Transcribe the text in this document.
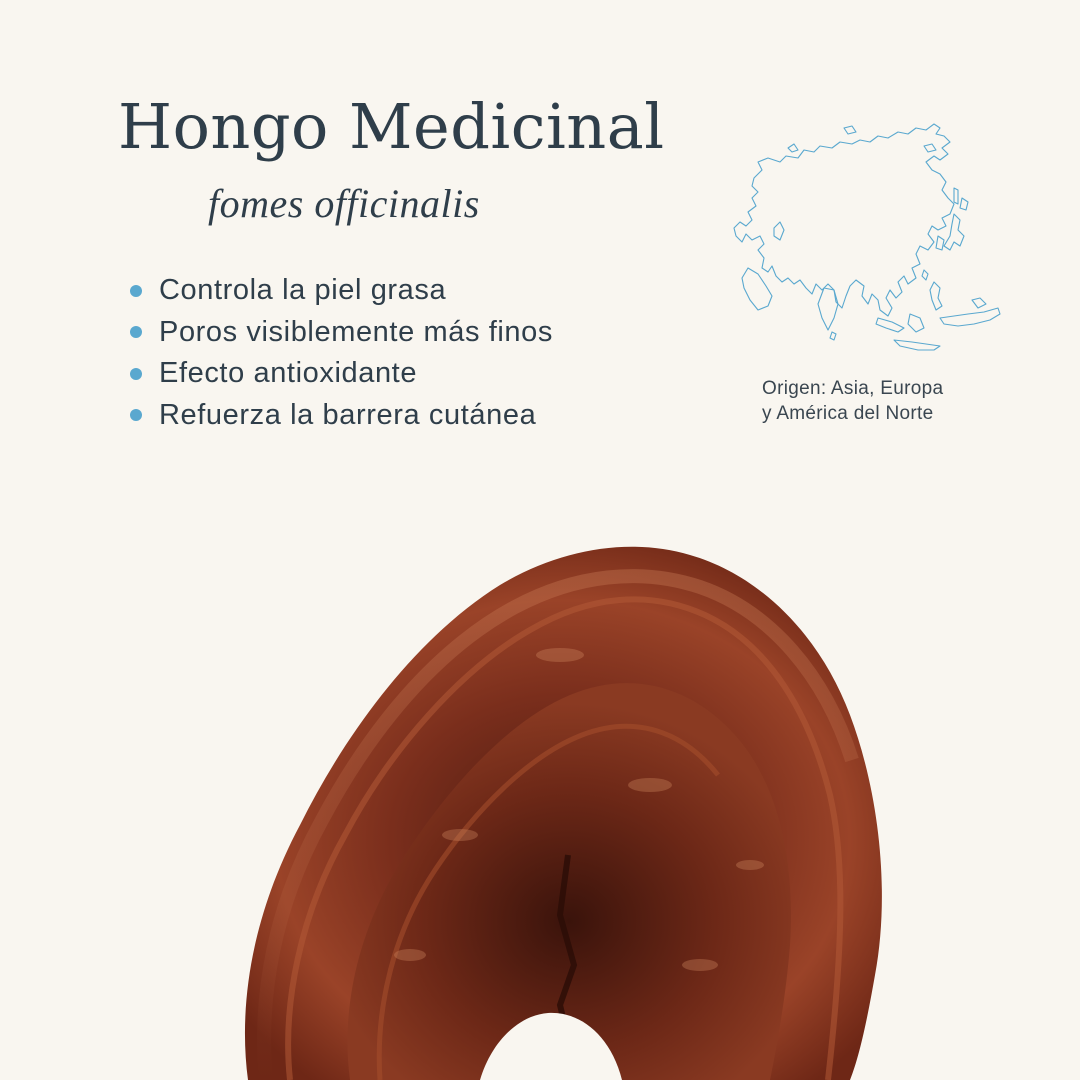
Hongo Medicinal
fomes officinalis
Controla la piel grasa
Poros visiblemente más finos
Efecto antioxidante
Refuerza la barrera cutánea
Origen: Asia, Europa
y América del Norte
